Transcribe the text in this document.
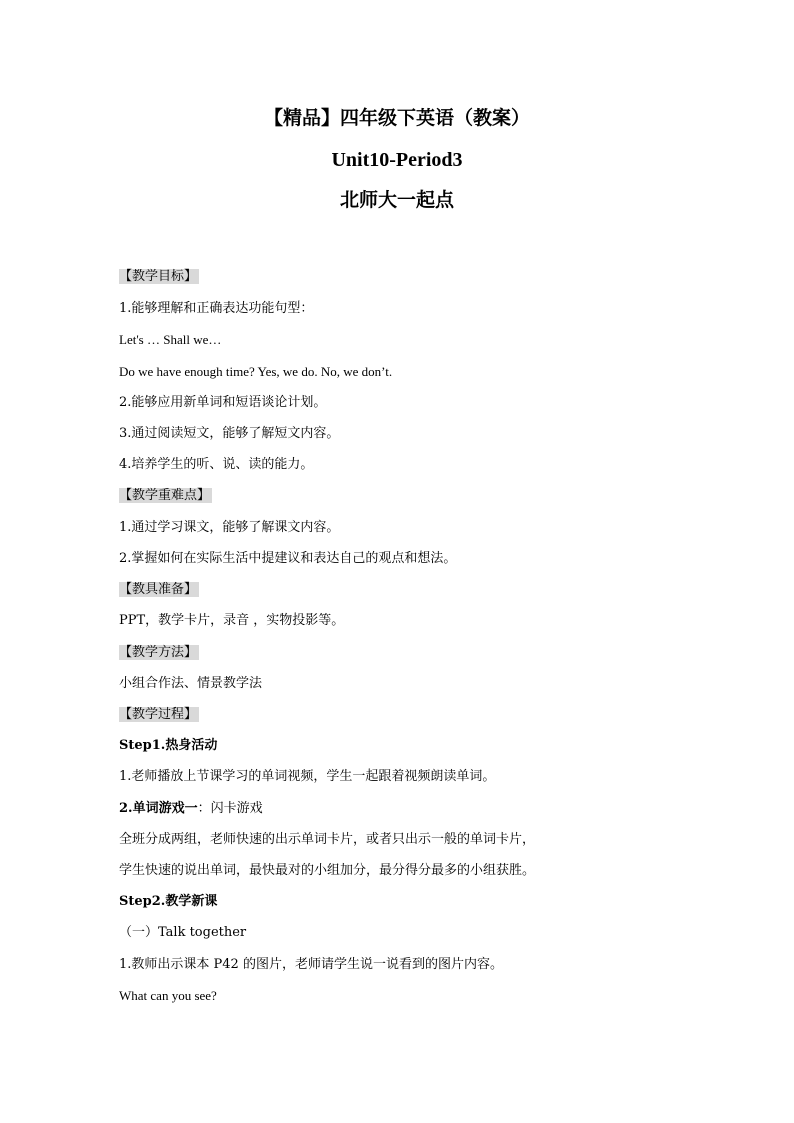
【精品】四年级下英语（教案）
Unit10-Period3
北师大一起点
【教学目标】
1.能够理解和正确表达功能句型：
Let's … Shall we…
Do we have enough time? Yes, we do. No, we don’t.
2.能够应用新单词和短语谈论计划。
3.通过阅读短文，能够了解短文内容。
4.培养学生的听、说、读的能力。
【教学重难点】
1.通过学习课文，能够了解课文内容。
2.掌握如何在实际生活中提建议和表达自己的观点和想法。
【教具准备】
PPT，教学卡片，录音 ，实物投影等。
【教学方法】
小组合作法、情景教学法
【教学过程】
Step1.热身活动
1.老师播放上节课学习的单词视频，学生一起跟着视频朗读单词。
2.单词游戏一：闪卡游戏
全班分成两组，老师快速的出示单词卡片，或者只出示一般的单词卡片，
学生快速的说出单词，最快最对的小组加分，最分得分最多的小组获胜。
Step2.教学新课
（一）Talk together
1.教师出示课本 P42 的图片，老师请学生说一说看到的图片内容。
What can you see?
